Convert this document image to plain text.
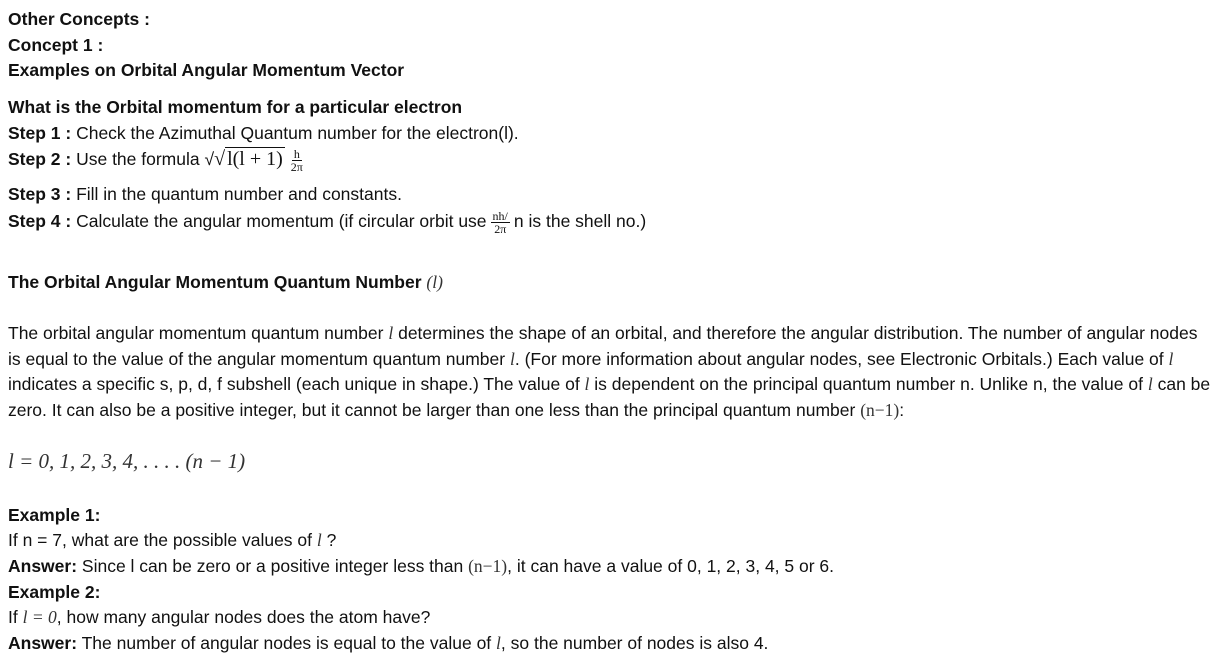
Other Concepts :
Concept 1 :
Examples on Orbital Angular Momentum Vector
What is the Orbital momentum for a particular electron
Step 1 : Check the Azimuthal Quantum number for the electron(l).
Step 2 : Use the formula √√ $l(l + 1) \frac{h}{2\pi}$
Step 3 : Fill in the quantum number and constants.
Step 4 : Calculate the angular momentum (if circular orbit use $\frac{nh/}{2\pi}$ n is the shell no.)
The Orbital Angular Momentum Quantum Number (l)
The orbital angular momentum quantum number l determines the shape of an orbital, and therefore the angular distribution. The number of angular nodes is equal to the value of the angular momentum quantum number l. (For more information about angular nodes, see Electronic Orbitals.) Each value of l indicates a specific s, p, d, f subshell (each unique in shape.) The value of l is dependent on the principal quantum number n. Unlike n, the value of l can be zero. It can also be a positive integer, but it cannot be larger than one less than the principal quantum number (n−1):
l = 0, 1, 2, 3, 4, . . . . (n − 1)
Example 1:
If n = 7, what are the possible values of l ?
Answer: Since l can be zero or a positive integer less than (n−1), it can have a value of 0, 1, 2, 3, 4, 5 or 6.
Example 2:
If l = 0, how many angular nodes does the atom have?
Answer: The number of angular nodes is equal to the value of l, so the number of nodes is also 4.
